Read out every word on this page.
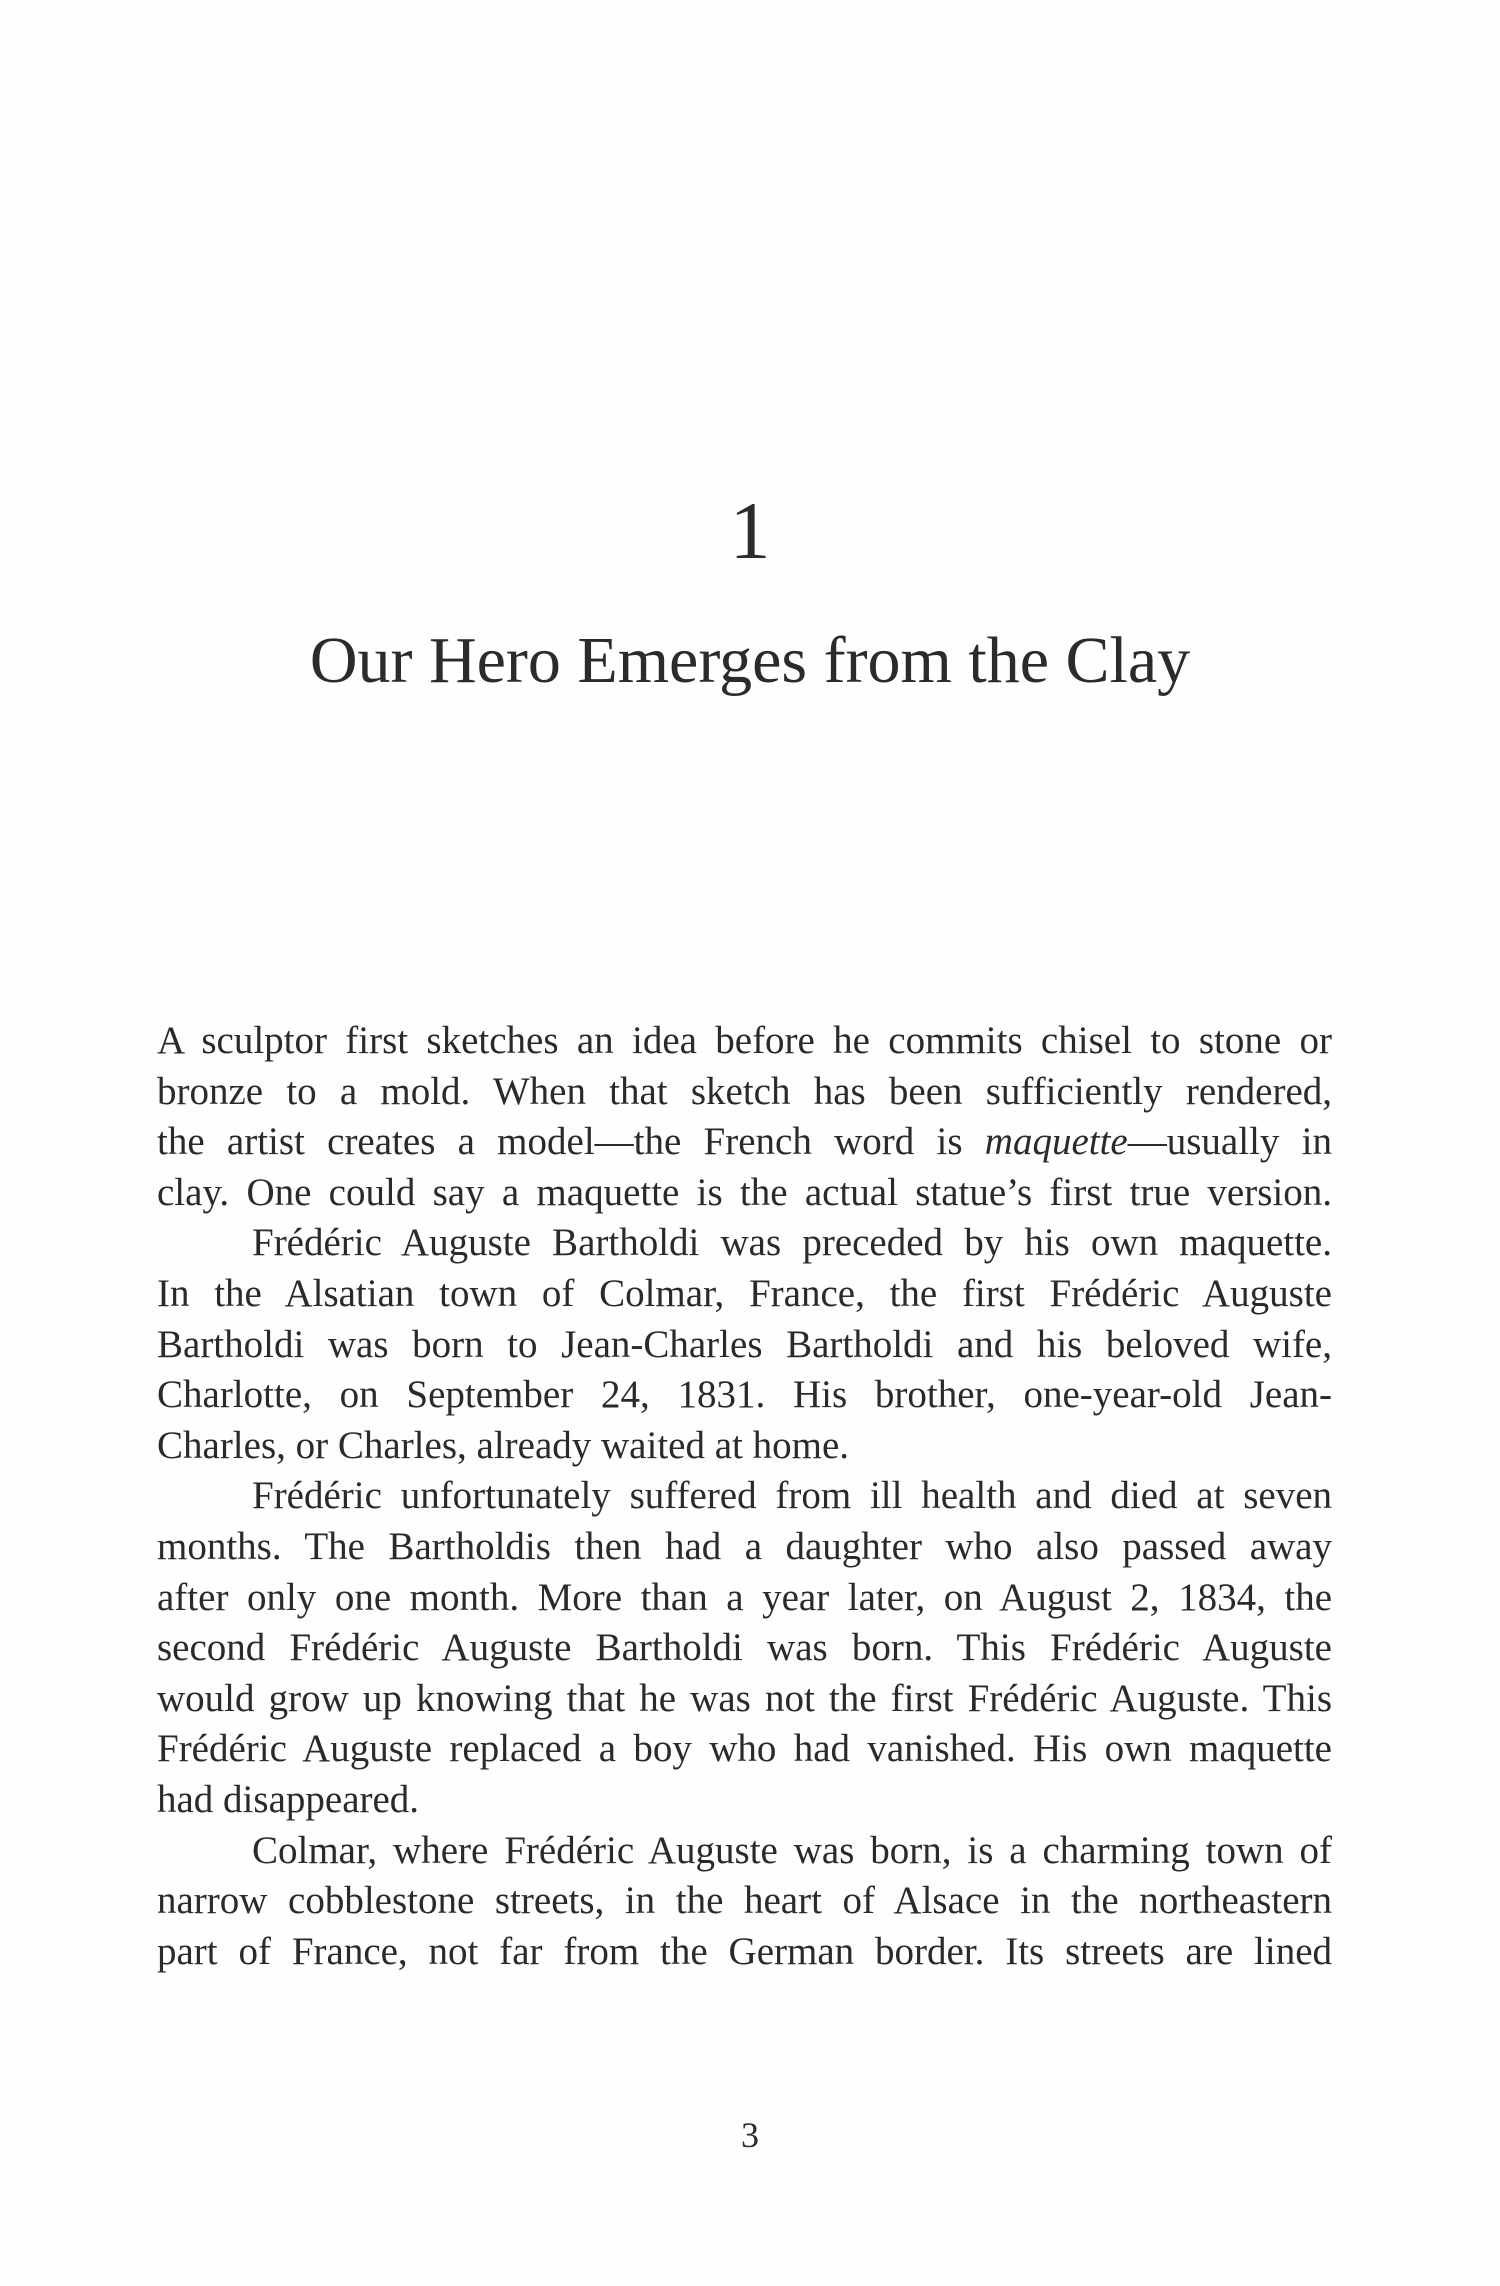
1
Our Hero Emerges from the Clay
A sculptor first sketches an idea before he commits chisel to stone or
bronze to a mold. When that sketch has been sufficiently rendered,
the artist creates a model—the French word is maquette—usually in
clay. One could say a maquette is the actual statue’s first true version.
Frédéric Auguste Bartholdi was preceded by his own maquette.
In the Alsatian town of Colmar, France, the first Frédéric Auguste
Bartholdi was born to Jean-Charles Bartholdi and his beloved wife,
Charlotte, on September 24, 1831. His brother, one-year-old Jean-
Charles, or Charles, already waited at home.
Frédéric unfortunately suffered from ill health and died at seven
months. The Bartholdis then had a daughter who also passed away
after only one month. More than a year later, on August 2, 1834, the
second Frédéric Auguste Bartholdi was born. This Frédéric Auguste
would grow up knowing that he was not the first Frédéric Auguste. This
Frédéric Auguste replaced a boy who had vanished. His own maquette
had disappeared.
Colmar, where Frédéric Auguste was born, is a charming town of
narrow cobblestone streets, in the heart of Alsace in the northeastern
part of France, not far from the German border. Its streets are lined
3
